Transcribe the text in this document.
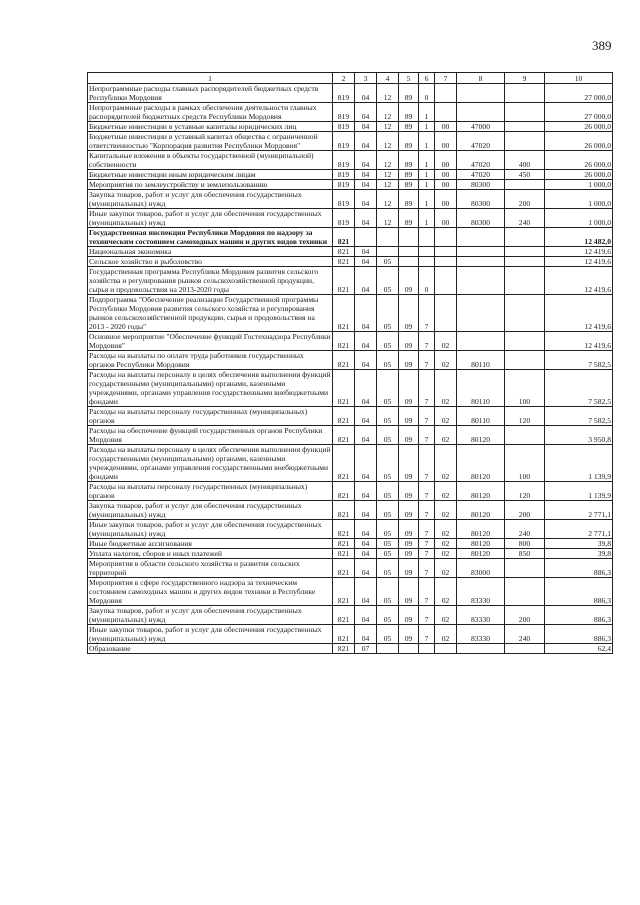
389
1	2	3	4	5	6	7	8	9	10
Непрограммные расходы главных распорядителей бюджетных средств Республики Мордовия	819	04	12	89	0				27 000,0
Непрограммные расходы в рамках обеспечения деятельности главных распорядителей бюджетных средств Республики Мордовия	819	04	12	89	1				27 000,0
Бюджетные инвестиции в уставные капиталы юридических лиц	819	04	12	89	1	00	47000		26 000,0
Бюджетные инвестиции в уставный капитал общества с ограниченной ответственностью "Корпорация развития Республики Мордовия"	819	04	12	89	1	00	47020		26 000,0
Капитальные вложения в объекты государственной (муниципальной) собственности	819	04	12	89	1	00	47020	400	26 000,0
Бюджетные инвестиции иным юридическим лицам	819	04	12	89	1	00	47020	450	26 000,0
Мероприятия по землеустройству и землепользованию	819	04	12	89	1	00	80300		1 000,0
Закупка товаров, работ и услуг для обеспечения государственных (муниципальных) нужд	819	04	12	89	1	00	80300	200	1 000,0
Иные закупки товаров, работ и услуг для обеспечения государственных (муниципальных) нужд	819	04	12	89	1	00	80300	240	1 000,0
Государственная инспекция Республики Мордовия по надзору за техническим состоянием самоходных машин и других видов техники	821								12 482,0
Национальная экономика	821	04							12 419,6
Сельское хозяйство и рыболовство	821	04	05						12 419,6
Государственная программа Республики Мордовия развития сельского хозяйства и регулирования рынков сельскохозяйственной продукции, сырья и продовольствия на 2013-2020 годы	821	04	05	09	0				12 419,6
Подпрограмма "Обеспечение реализации Государственной программы Республики Мордовия развития сельского хозяйства и регулирования рынков сельскохозяйственной продукции, сырья и продовольствия на 2013 - 2020 годы"	821	04	05	09	7				12 419,6
Основное мероприятие "Обеспечение функций Гостехнадзора Республики Мордовия"	821	04	05	09	7	02			12 419,6
Расходы на выплаты по оплате труда работников государственных органов Республики Мордовия	821	04	05	09	7	02	80110		7 582,5
Расходы на выплаты персоналу в целях обеспечения выполнения функций государственными (муниципальными) органами, казенными учреждениями, органами управления государственными внебюджетными фондами	821	04	05	09	7	02	80110	100	7 582,5
Расходы на выплаты персоналу государственных (муниципальных) органов	821	04	05	09	7	02	80110	120	7 582,5
Расходы на обеспечение функций государственных органов Республики Мордовия	821	04	05	09	7	02	80120		3 950,8
Расходы на выплаты персоналу в целях обеспечения выполнения функций государственными (муниципальными) органами, казенными учреждениями, органами управления государственными внебюджетными фондами	821	04	05	09	7	02	80120	100	1 139,9
Расходы на выплаты персоналу государственных (муниципальных) органов	821	04	05	09	7	02	80120	120	1 139,9
Закупка товаров, работ и услуг для обеспечения государственных (муниципальных) нужд	821	04	05	09	7	02	80120	200	2 771,1
Иные закупки товаров, работ и услуг для обеспечения государственных (муниципальных) нужд	821	04	05	09	7	02	80120	240	2 771,1
Иные бюджетные ассигнования	821	04	05	09	7	02	80120	800	39,8
Уплата налогов, сборов и иных платежей	821	04	05	09	7	02	80120	850	39,8
Мероприятия в области сельского хозяйства и развития сельских территорий	821	04	05	09	7	02	83000		886,3
Мероприятия в сфере государственного надзора за техническим состоянием самоходных машин и других видов техники в Республике Мордовия	821	04	05	09	7	02	83330		886,3
Закупка товаров, работ и услуг для обеспечения государственных (муниципальных) нужд	821	04	05	09	7	02	83330	200	886,3
Иные закупки товаров, работ и услуг для обеспечения государственных (муниципальных) нужд	821	04	05	09	7	02	83330	240	886,3
Образование	821	07							62,4
